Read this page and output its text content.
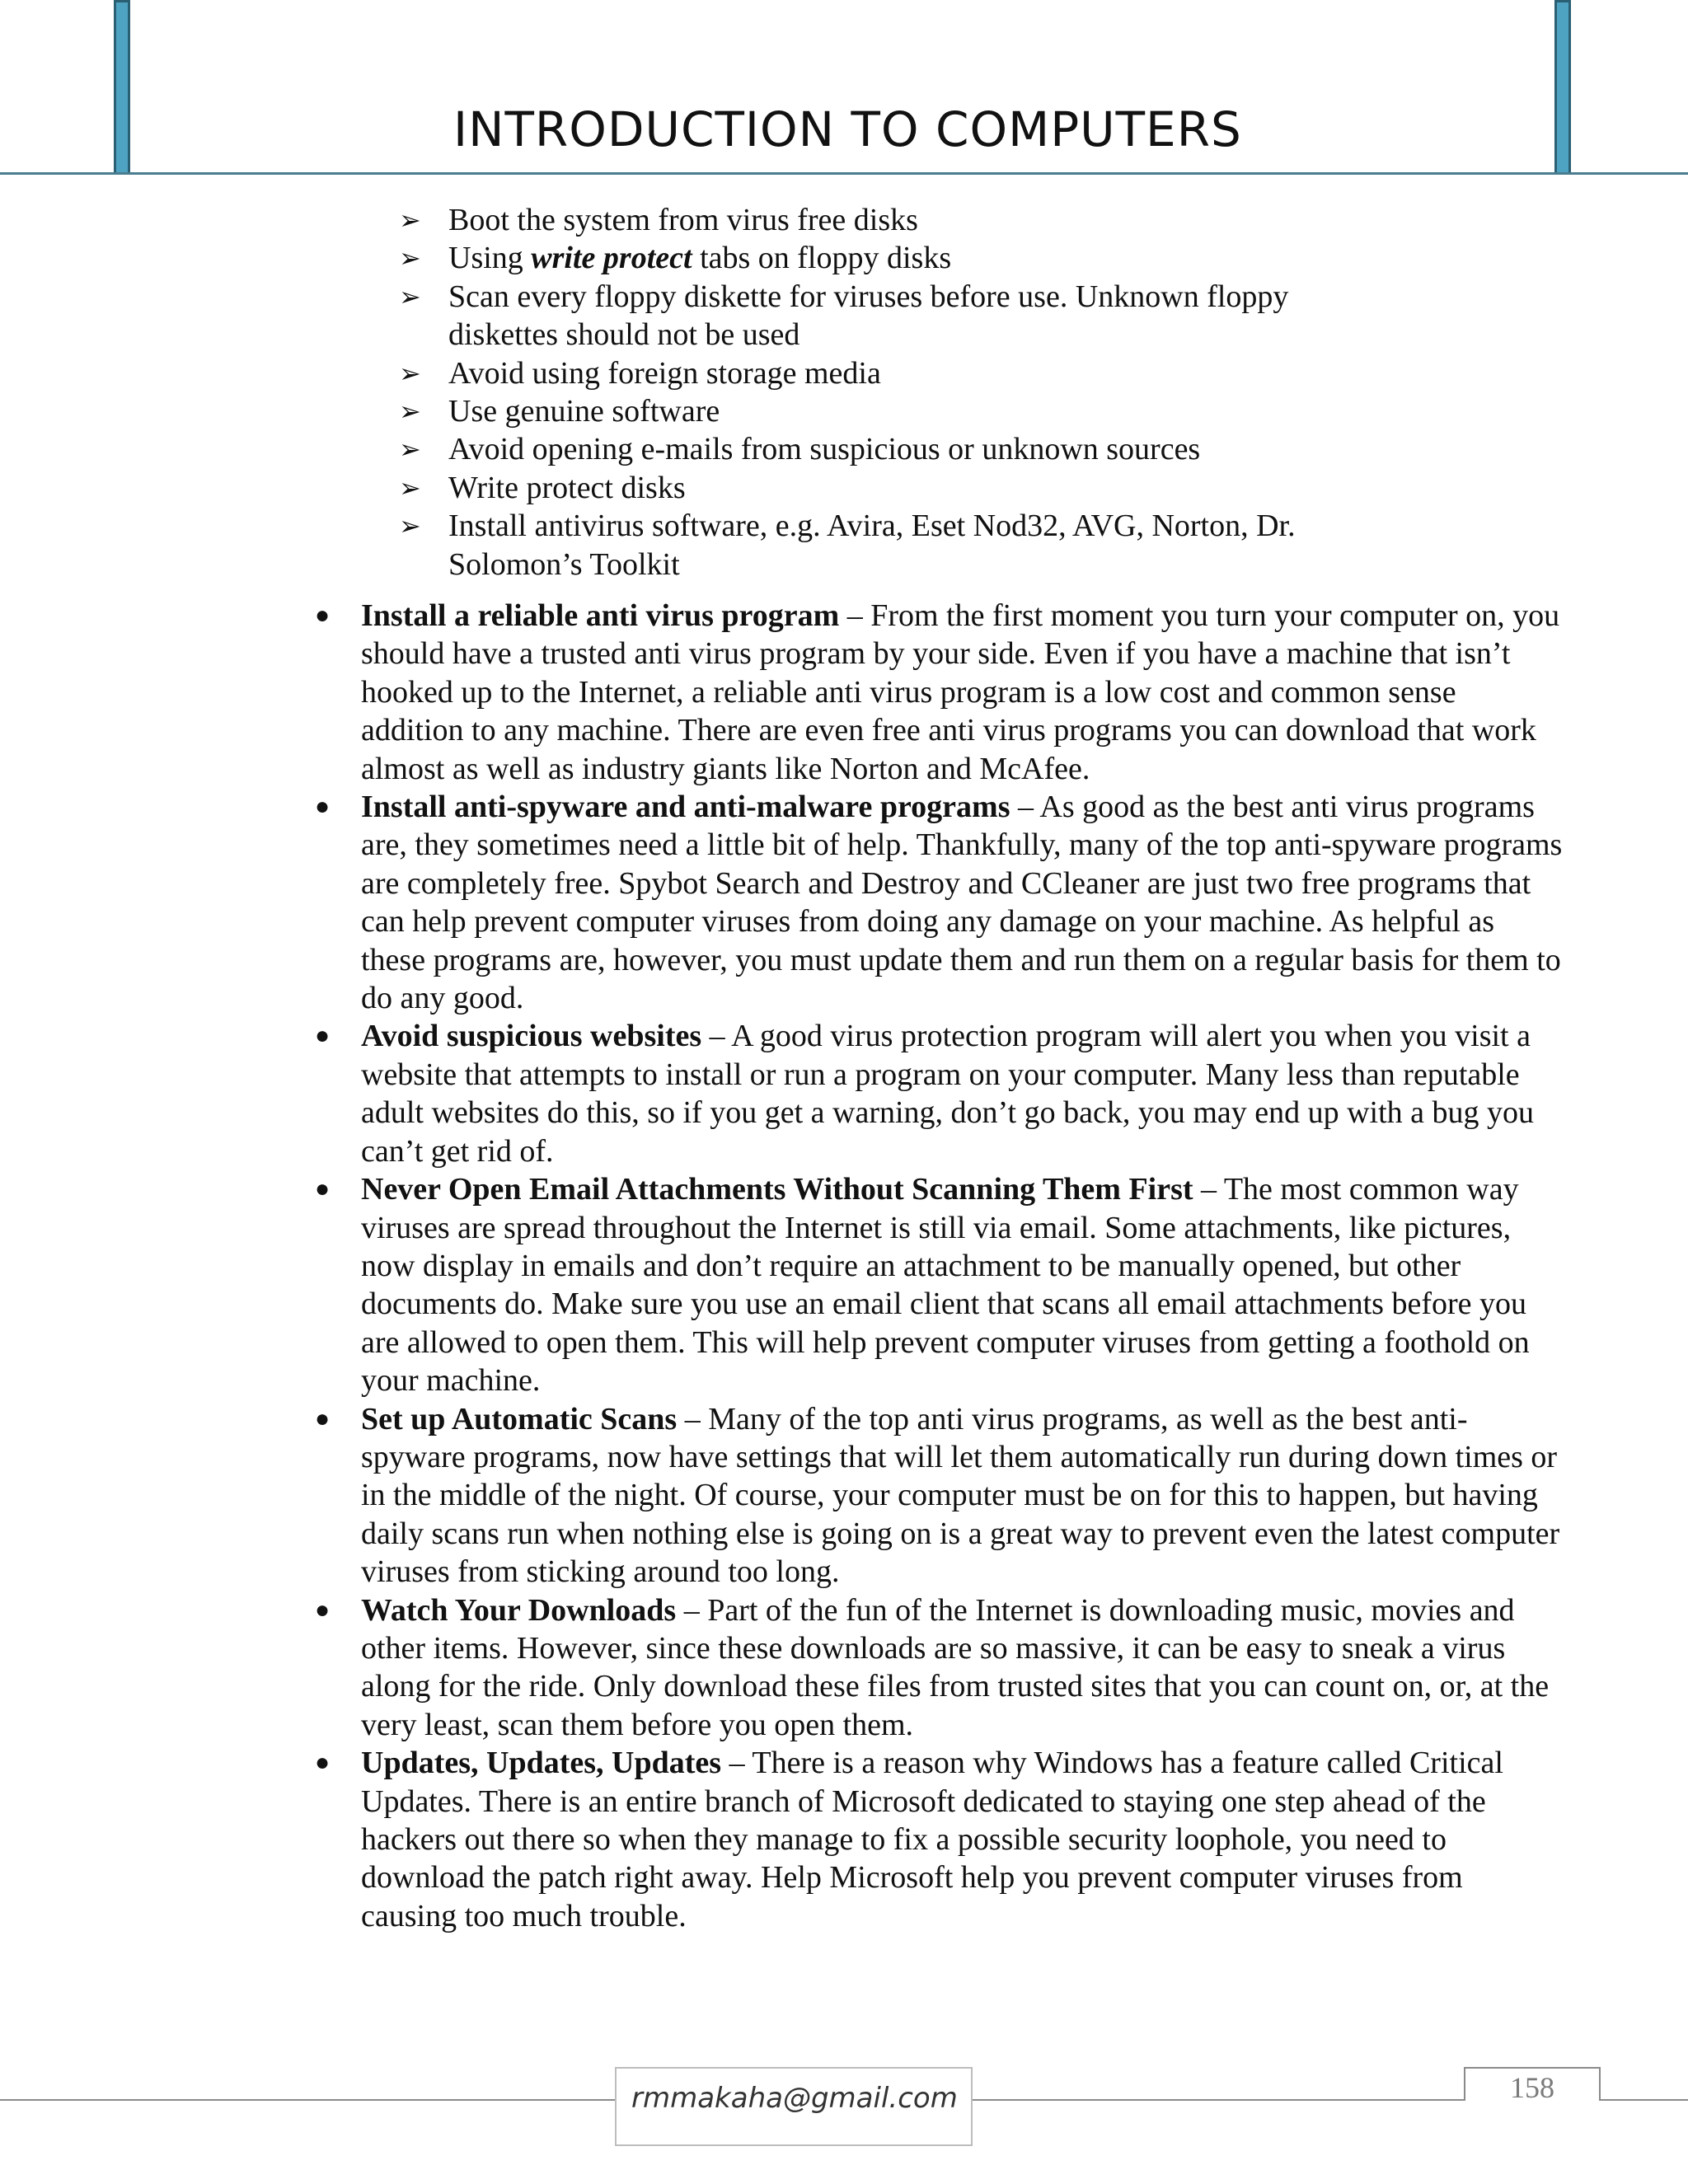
INTRODUCTION TO COMPUTERS
➢ Boot the system from virus free disks
➢ Using write protect tabs on floppy disks
➢ Scan every floppy diskette for viruses before use. Unknown floppy diskettes should not be used
➢ Avoid using foreign storage media
➢ Use genuine software
➢ Avoid opening e-mails from suspicious or unknown sources
➢ Write protect disks
➢ Install antivirus software, e.g. Avira, Eset Nod32, AVG, Norton, Dr. Solomon’s Toolkit
● Install a reliable anti virus program – From the first moment you turn your computer on, you should have a trusted anti virus program by your side. Even if you have a machine that isn’t hooked up to the Internet, a reliable anti virus program is a low cost and common sense addition to any machine. There are even free anti virus programs you can download that work almost as well as industry giants like Norton and McAfee.
● Install anti-spyware and anti-malware programs – As good as the best anti virus programs are, they sometimes need a little bit of help. Thankfully, many of the top anti-spyware programs are completely free. Spybot Search and Destroy and CCleaner are just two free programs that can help prevent computer viruses from doing any damage on your machine. As helpful as these programs are, however, you must update them and run them on a regular basis for them to do any good.
● Avoid suspicious websites – A good virus protection program will alert you when you visit a website that attempts to install or run a program on your computer. Many less than reputable adult websites do this, so if you get a warning, don’t go back, you may end up with a bug you can’t get rid of.
● Never Open Email Attachments Without Scanning Them First – The most common way viruses are spread throughout the Internet is still via email. Some attachments, like pictures, now display in emails and don’t require an attachment to be manually opened, but other documents do. Make sure you use an email client that scans all email attachments before you are allowed to open them. This will help prevent computer viruses from getting a foothold on your machine.
● Set up Automatic Scans – Many of the top anti virus programs, as well as the best anti-spyware programs, now have settings that will let them automatically run during down times or in the middle of the night. Of course, your computer must be on for this to happen, but having daily scans run when nothing else is going on is a great way to prevent even the latest computer viruses from sticking around too long.
● Watch Your Downloads – Part of the fun of the Internet is downloading music, movies and other items. However, since these downloads are so massive, it can be easy to sneak a virus along for the ride. Only download these files from trusted sites that you can count on, or, at the very least, scan them before you open them.
● Updates, Updates, Updates – There is a reason why Windows has a feature called Critical Updates. There is an entire branch of Microsoft dedicated to staying one step ahead of the hackers out there so when they manage to fix a possible security loophole, you need to download the patch right away. Help Microsoft help you prevent computer viruses from causing too much trouble.
rmmakaha@gmail.com	158
